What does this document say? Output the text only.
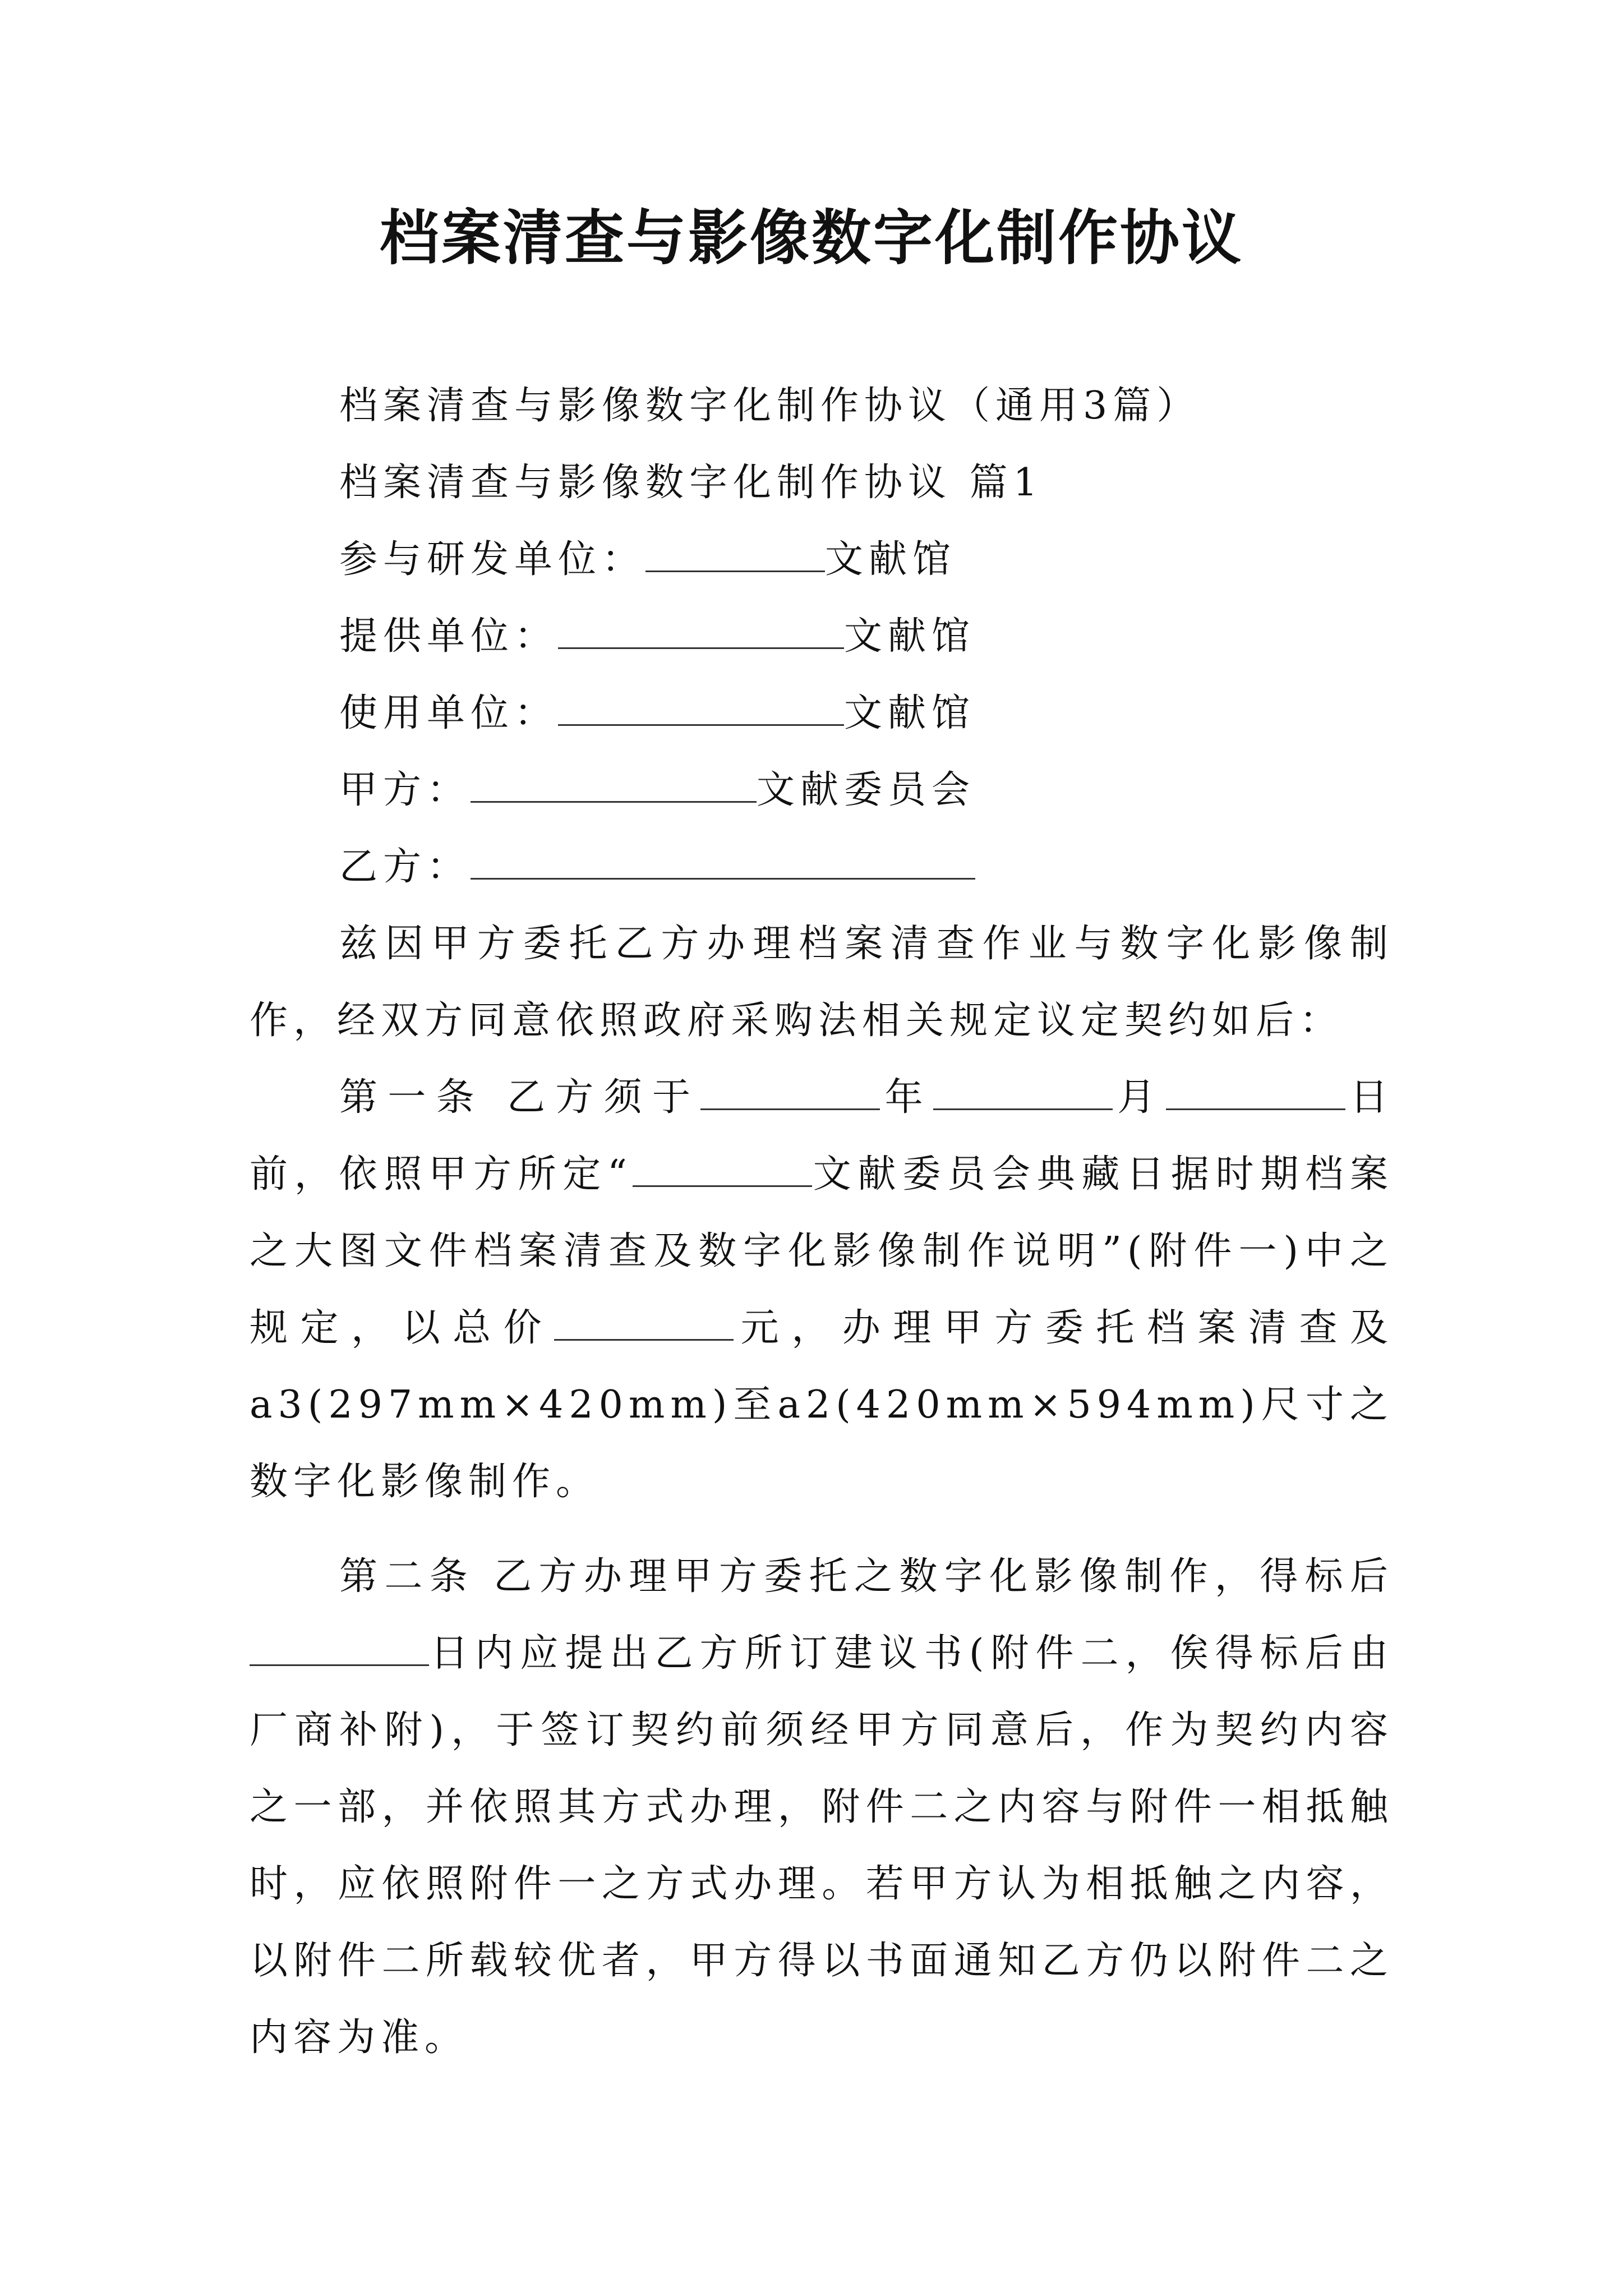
档案清查与影像数字化制作协议
档案清查与影像数字化制作协议（通用3篇）
档案清查与影像数字化制作协议 篇1
参与研发单位：	文献馆
提供单位：	文献馆
使用单位：	文献馆
甲方：	文献委员会
乙方：

兹因甲方委托乙方办理档案清查作业与数字化影像制作，经双方同意依照政府采购法相关规定议定契约如后：

第一条 乙方须于	年	月	日前，依照甲方所定“	文献委员会典藏日据时期档案之大图文件档案清查及数字化影像制作说明”(附件一)中之规定，以总价	元，办理甲方委托档案清查及a3(297mm×420mm)至a2(420mm×594mm)尺寸之数字化影像制作。

第二条 乙方办理甲方委托之数字化影像制作，得标后日内应提出乙方所订建议书(附件二，俟得标后由厂商补附)，于签订契约前须经甲方同意后，作为契约内容之一部，并依照其方式办理，附件二之内容与附件一相抵触时，应依照附件一之方式办理。若甲方认为相抵触之内容，以附件二所载较优者，甲方得以书面通知乙方仍以附件二之内容为准。
